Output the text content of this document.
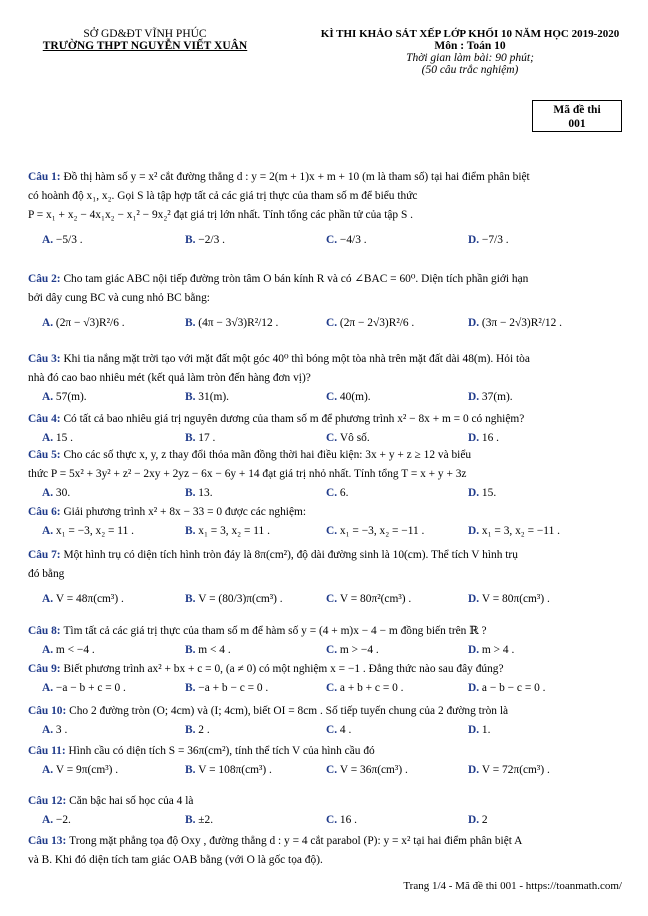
SỞ GD&ĐT VĨNH PHÚC
TRƯỜNG THPT NGUYỄN VIẾT XUÂN
KÌ THI KHẢO SÁT XẾP LỚP KHỐI 10 NĂM HỌC 2019-2020
Môn : Toán 10
Thời gian làm bài: 90 phút;
(50 câu trắc nghiệm)
Mã đề thi
001

Câu 1: Đồ thị hàm số y = x² cắt đường thẳng d : y = 2(m + 1)x + m + 10 (m là tham số) tại hai điểm phân biệt

có hoành độ x₁, x₂. Gọi S là tập hợp tất cả các giá trị thực của tham số m để biểu thức

P = x₁ + x₂ − 4x₁x₂ − x₁² − 9x₂² đạt giá trị lớn nhất. Tính tổng các phần tử của tập S .

A. −5/3 .	B. −2/3 .	C. −4/3 .	D. −7/3 .

Câu 2: Cho tam giác ABC nội tiếp đường tròn tâm O bán kính R và có ∠BAC = 60⁰. Diện tích phần giới hạn

bởi dây cung BC và cung nhỏ BC bằng:

A. (2π − √3)R²/6 .	B. (4π − 3√3)R²/12 .	C. (2π − 2√3)R²/6 .	D. (3π − 2√3)R²/12 .

Câu 3: Khi tia nắng mặt trời tạo với mặt đất một góc 40⁰ thì bóng một tòa nhà trên mặt đất dài 48(m). Hỏi tòa

nhà đó cao bao nhiêu mét (kết quả làm tròn đến hàng đơn vị)?

A. 57(m).	B. 31(m).	C. 40(m).	D. 37(m).

Câu 4: Có tất cả bao nhiêu giá trị nguyên dương của tham số m để phương trình x² − 8x + m = 0 có nghiệm?

A. 15 .	B. 17 .	C. Vô số.	D. 16 .

Câu 5: Cho các số thực x, y, z thay đổi thỏa mãn đồng thời hai điều kiện: 3x + y + z ≥ 12 và biểu

thức P = 5x² + 3y² + z² − 2xy + 2yz − 6x − 6y + 14 đạt giá trị nhỏ nhất. Tính tổng T = x + y + 3z

A. 30.	B. 13.	C. 6.	D. 15.

Câu 6: Giải phương trình x² + 8x − 33 = 0 được các nghiệm:

A. x₁ = −3, x₂ = 11 .	B. x₁ = 3, x₂ = 11 .	C. x₁ = −3, x₂ = −11 .	D. x₁ = 3, x₂ = −11 .

Câu 7: Một hình trụ có diện tích hình tròn đáy là 8π(cm²), độ dài đường sinh là 10(cm). Thể tích V hình trụ

đó bằng

A. V = 48π(cm³) .	B. V = (80/3)π(cm³) .	C. V = 80π²(cm³) .	D. V = 80π(cm³) .

Câu 8: Tìm tất cả các giá trị thực của tham số m để hàm số y = (4 + m)x − 4 − m đồng biến trên ℝ ?

A. m < −4 .	B. m < 4 .	C. m > −4 .	D. m > 4 .

Câu 9: Biết phương trình ax² + bx + c = 0, (a ≠ 0) có một nghiệm x = −1 . Đẳng thức nào sau đây đúng?

A. −a − b + c = 0 .	B. −a + b − c = 0 .	C. a + b + c = 0 .	D. a − b − c = 0 .

Câu 10: Cho 2 đường tròn (O; 4cm) và (I; 4cm), biết OI = 8cm . Số tiếp tuyến chung của 2 đường tròn là

A. 3 .	B. 2 .	C. 4 .	D. 1.

Câu 11: Hình cầu có diện tích S = 36π(cm²), tính thể tích V của hình cầu đó

A. V = 9π(cm³) .	B. V = 108π(cm³) .	C. V = 36π(cm³) .	D. V = 72π(cm³) .

Câu 12: Căn bậc hai số học của 4 là

A. −2.	B. ±2.	C. 16 .	D. 2

Câu 13: Trong mặt phẳng tọa độ Oxy , đường thẳng d : y = 4 cắt parabol (P): y = x² tại hai điểm phân biệt A

và B. Khi đó diện tích tam giác OAB bằng (với O là gốc tọa độ).

Trang 1/4 - Mã đề thi 001 - https://toanmath.com/
